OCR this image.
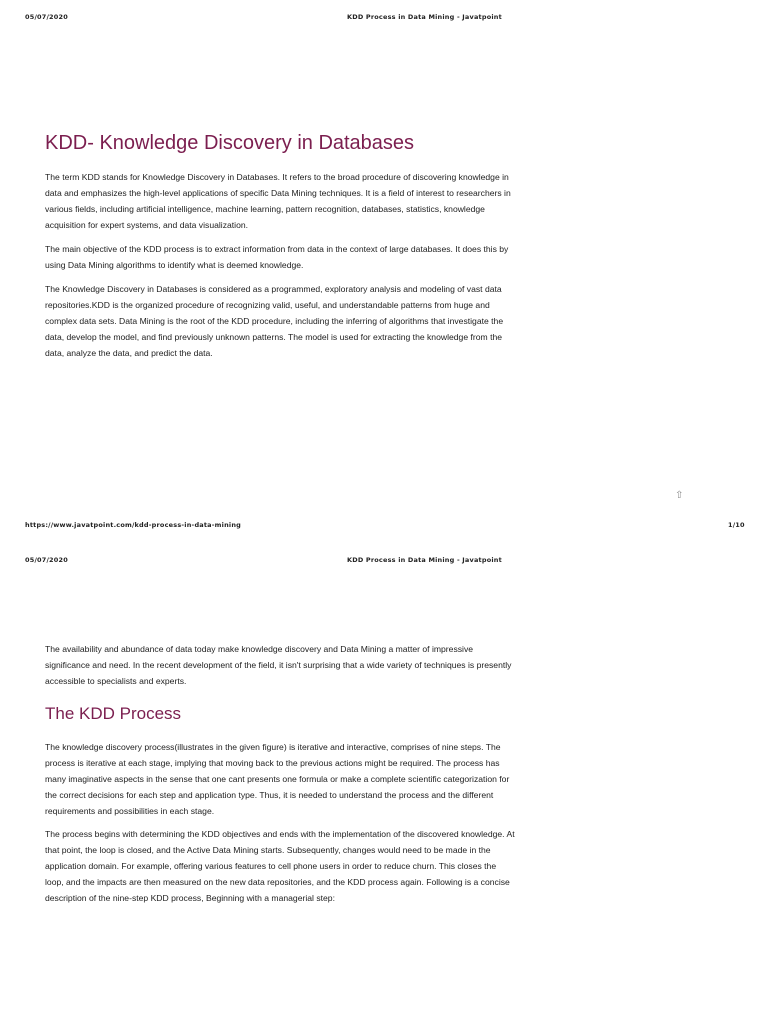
05/07/2020	KDD Process in Data Mining - Javatpoint
KDD- Knowledge Discovery in Databases

The term KDD stands for Knowledge Discovery in Databases. It refers to the broad procedure of discovering knowledge in data and emphasizes the high-level applications of specific Data Mining techniques. It is a field of interest to researchers in various fields, including artificial intelligence, machine learning, pattern recognition, databases, statistics, knowledge acquisition for expert systems, and data visualization.

The main objective of the KDD process is to extract information from data in the context of large databases. It does this by using Data Mining algorithms to identify what is deemed knowledge.

The Knowledge Discovery in Databases is considered as a programmed, exploratory analysis and modeling of vast data repositories.KDD is the organized procedure of recognizing valid, useful, and understandable patterns from huge and complex data sets. Data Mining is the root of the KDD procedure, including the inferring of algorithms that investigate the data, develop the model, and find previously unknown patterns. The model is used for extracting the knowledge from the data, analyze the data, and predict the data.

⇧
https://www.javatpoint.com/kdd-process-in-data-mining	1/10
05/07/2020	KDD Process in Data Mining - Javatpoint

The availability and abundance of data today make knowledge discovery and Data Mining a matter of impressive significance and need. In the recent development of the field, it isn't surprising that a wide variety of techniques is presently accessible to specialists and experts.

The KDD Process

The knowledge discovery process(illustrates in the given figure) is iterative and interactive, comprises of nine steps. The process is iterative at each stage, implying that moving back to the previous actions might be required. The process has many imaginative aspects in the sense that one cant presents one formula or make a complete scientific categorization for the correct decisions for each step and application type. Thus, it is needed to understand the process and the different requirements and possibilities in each stage.

The process begins with determining the KDD objectives and ends with the implementation of the discovered knowledge. At that point, the loop is closed, and the Active Data Mining starts. Subsequently, changes would need to be made in the application domain. For example, offering various features to cell phone users in order to reduce churn. This closes the loop, and the impacts are then measured on the new data repositories, and the KDD process again. Following is a concise description of the nine-step KDD process, Beginning with a managerial step:
